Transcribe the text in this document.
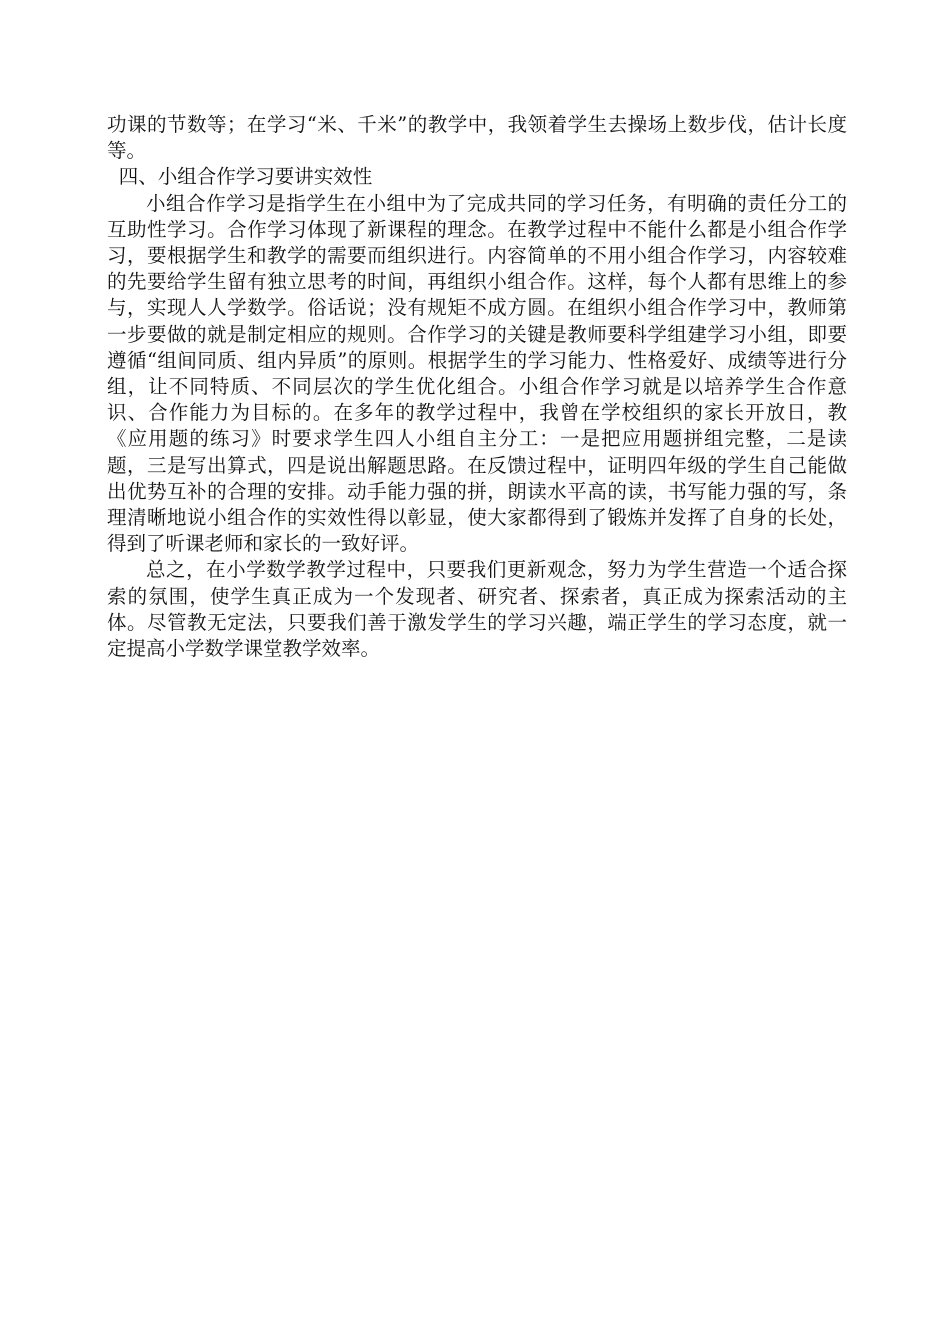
功课的节数等；在学习“米、千米”的教学中，我领着学生去操场上数步伐，估计长度等。

四、小组合作学习要讲实效性

小组合作学习是指学生在小组中为了完成共同的学习任务，有明确的责任分工的互助性学习。合作学习体现了新课程的理念。在教学过程中不能什么都是小组合作学习，要根据学生和教学的需要而组织进行。内容简单的不用小组合作学习，内容较难的先要给学生留有独立思考的时间，再组织小组合作。这样，每个人都有思维上的参与，实现人人学数学。俗话说；没有规矩不成方圆。在组织小组合作学习中，教师第一步要做的就是制定相应的规则。合作学习的关键是教师要科学组建学习小组，即要遵循“组间同质、组内异质”的原则。根据学生的学习能力、性格爱好、成绩等进行分组，让不同特质、不同层次的学生优化组合。小组合作学习就是以培养学生合作意识、合作能力为目标的。在多年的教学过程中，我曾在学校组织的家长开放日，教《应用题的练习》时要求学生四人小组自主分工：一是把应用题拼组完整，二是读题，三是写出算式，四是说出解题思路。在反馈过程中，证明四年级的学生自己能做出优势互补的合理的安排。动手能力强的拼，朗读水平高的读，书写能力强的写，条理清晰地说小组合作的实效性得以彰显，使大家都得到了锻炼并发挥了自身的长处，得到了听课老师和家长的一致好评。

总之，在小学数学教学过程中，只要我们更新观念，努力为学生营造一个适合探索的氛围，使学生真正成为一个发现者、研究者、探索者，真正成为探索活动的主体。尽管教无定法，只要我们善于激发学生的学习兴趣，端正学生的学习态度，就一定提高小学数学课堂教学效率。
